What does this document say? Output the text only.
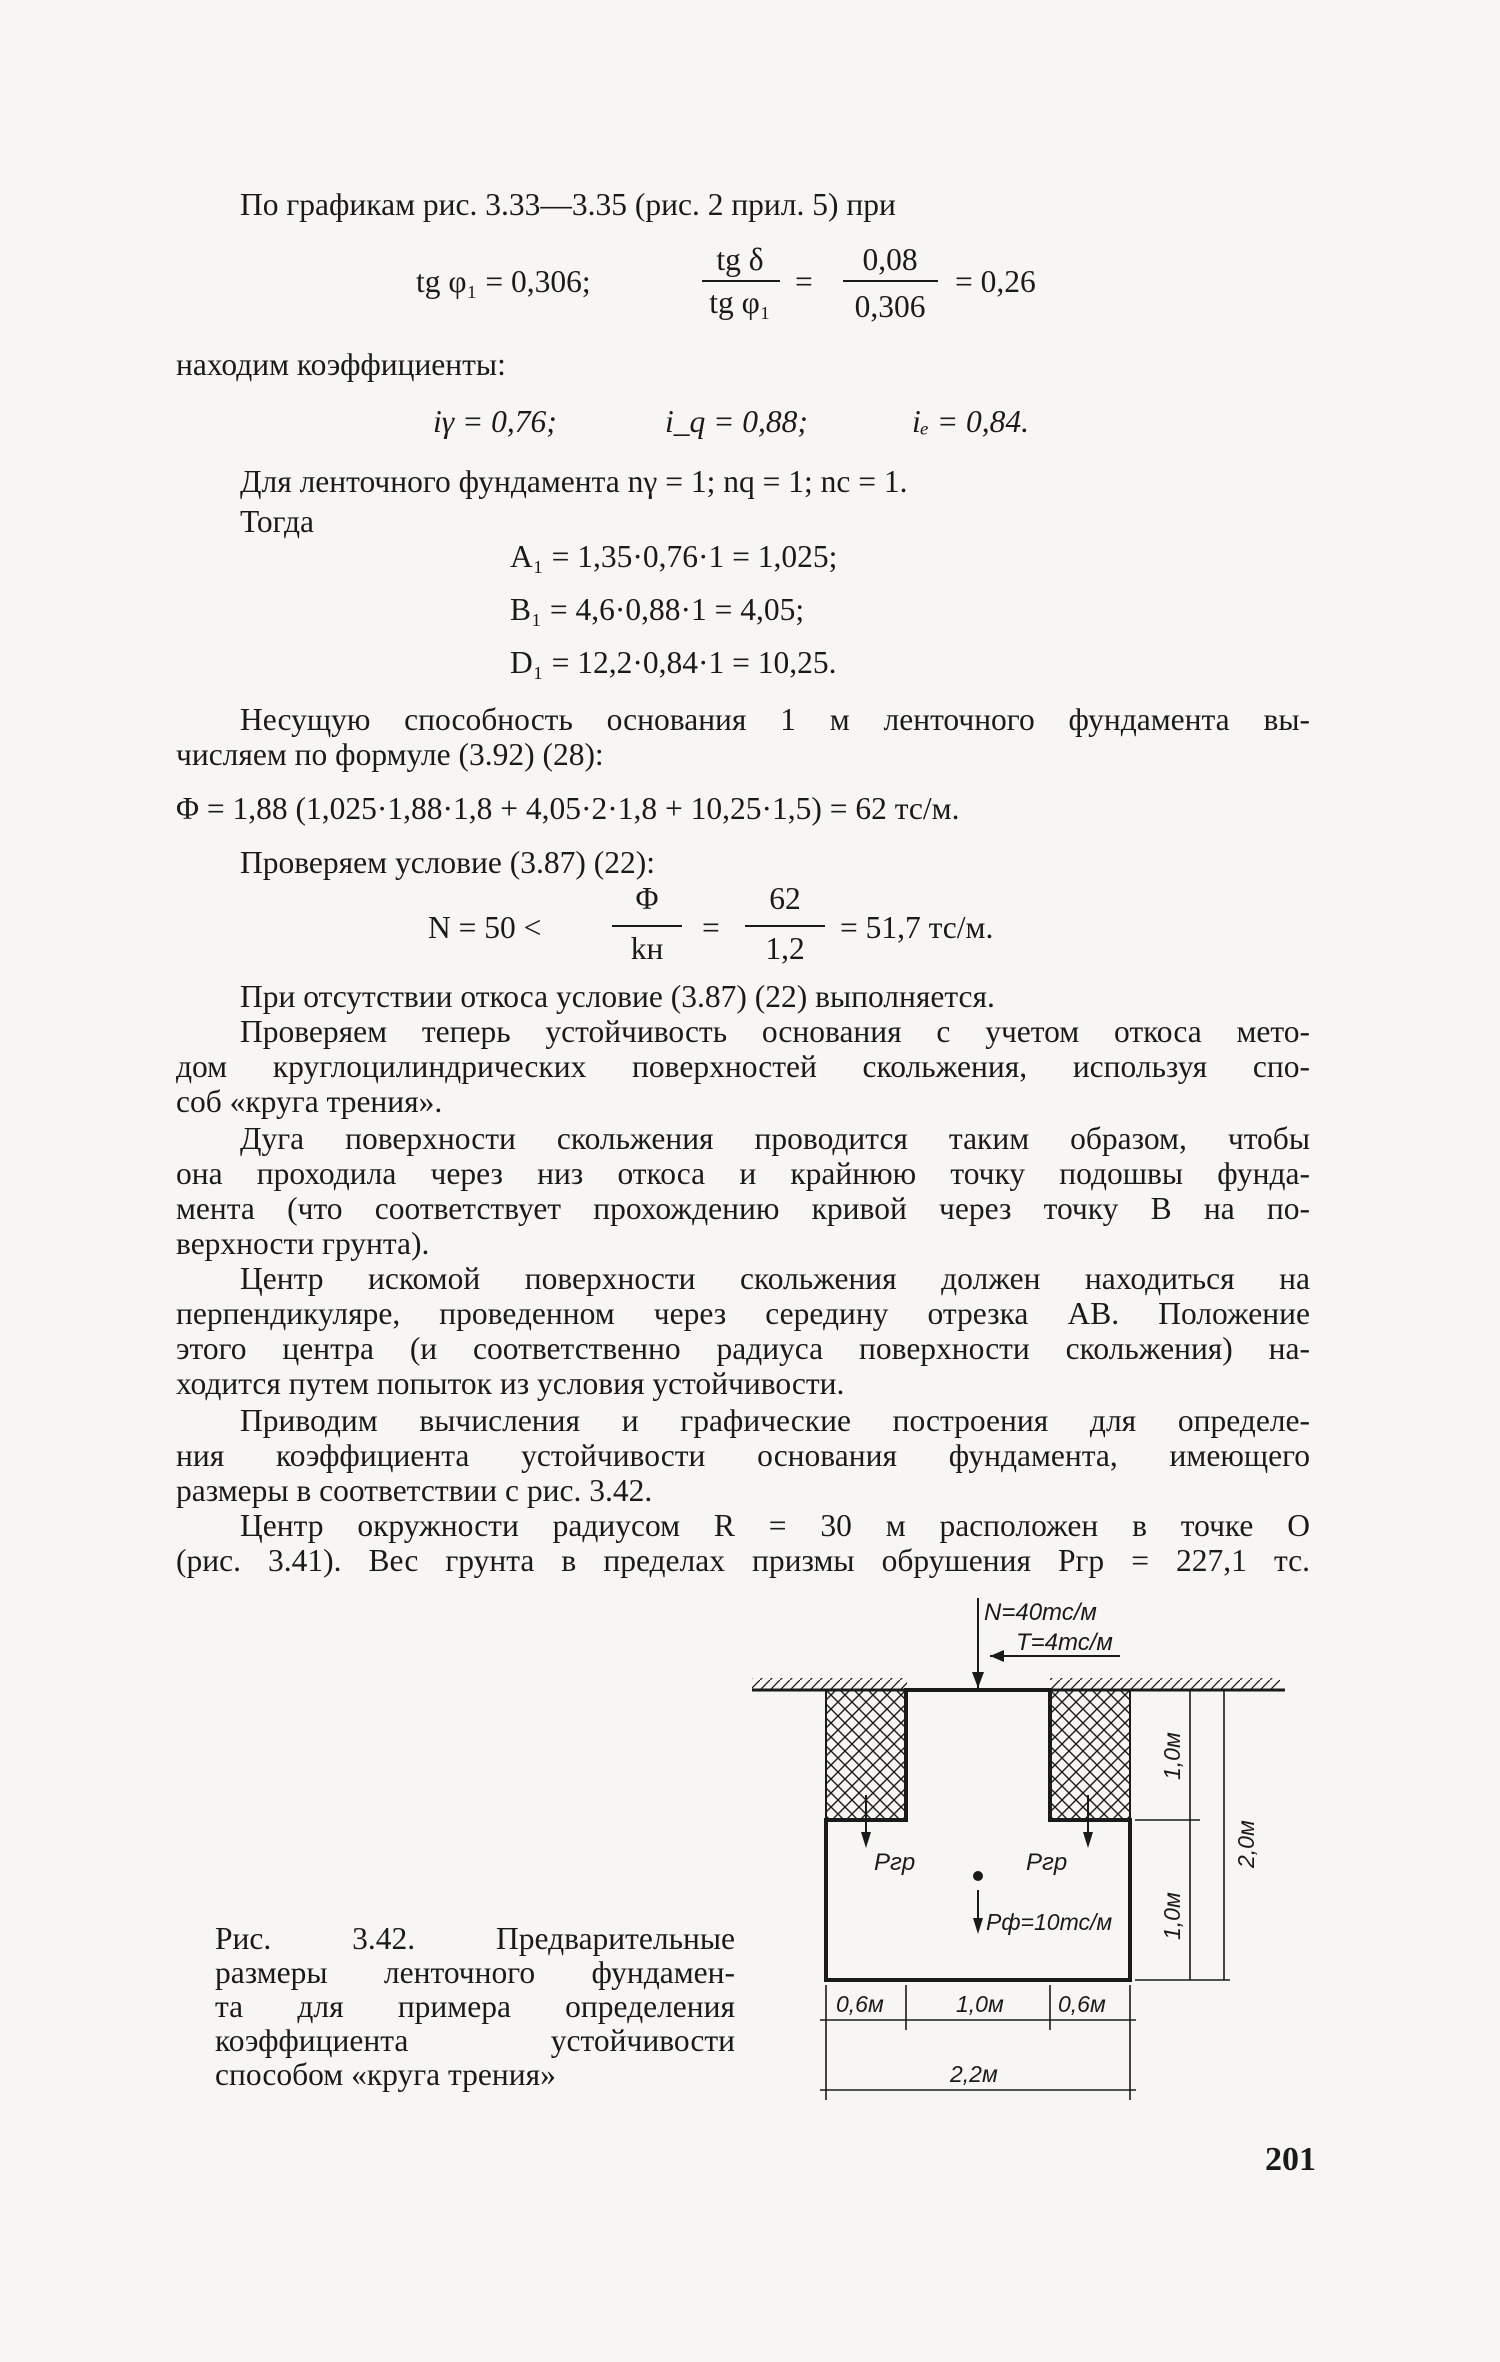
По графикам рис. 3.33—3.35 (рис. 2 прил. 5) при
tg φ₁ = 0,306;
tg δ
tg φ₁
=
0,08
0,306
= 0,26
находим коэффициенты:
iγ = 0,76;	i_q = 0,88;	iₑ = 0,84.
Для ленточного фундамента nγ = 1; nq = 1; nc = 1.
Тогда
A₁ = 1,35·0,76·1 = 1,025;
B₁ = 4,6·0,88·1 = 4,05;
D₁ = 12,2·0,84·1 = 10,25.
Несущую способность основания 1 м ленточного фундамента вы-
числяем по формуле (3.92) (28):
Φ = 1,88 (1,025·1,88·1,8 + 4,05·2·1,8 + 10,25·1,5) = 62 тс/м.
Проверяем условие (3.87) (22):
N = 50 <
Φ
kн
=
62
1,2
= 51,7 тс/м.
При отсутствии откоса условие (3.87) (22) выполняется.
Проверяем теперь устойчивость основания с учетом откоса мето-
дом круглоцилиндрических поверхностей скольжения, используя спо-
соб «круга трения».
Дуга поверхности скольжения проводится таким образом, чтобы
она проходила через низ откоса и крайнюю точку подошвы фунда-
мента (что соответствует прохождению кривой через точку B на по-
верхности грунта).
Центр искомой поверхности скольжения должен находиться на
перпендикуляре, проведенном через середину отрезка AB. Положение
этого центра (и соответственно радиуса поверхности скольжения) на-
ходится путем попыток из условия устойчивости.
Приводим вычисления и графические построения для определе-
ния коэффициента устойчивости основания фундамента, имеющего
размеры в соответствии с рис. 3.42.
Центр окружности радиусом R = 30 м расположен в точке O
(рис. 3.41). Вес грунта в пределах призмы обрушения Pгр = 227,1 тс.
N=40тс/м
T=4тс/м
Pгр	Pгр
Pф=10тс/м
1,0м
1,0м
2,0м
0,6м	1,0м 0,6м
2,2м
Рис. 3.42. Предварительные
размеры ленточного фундамен-
та для примера определения
коэффициента устойчивости
способом «круга трения»
201
